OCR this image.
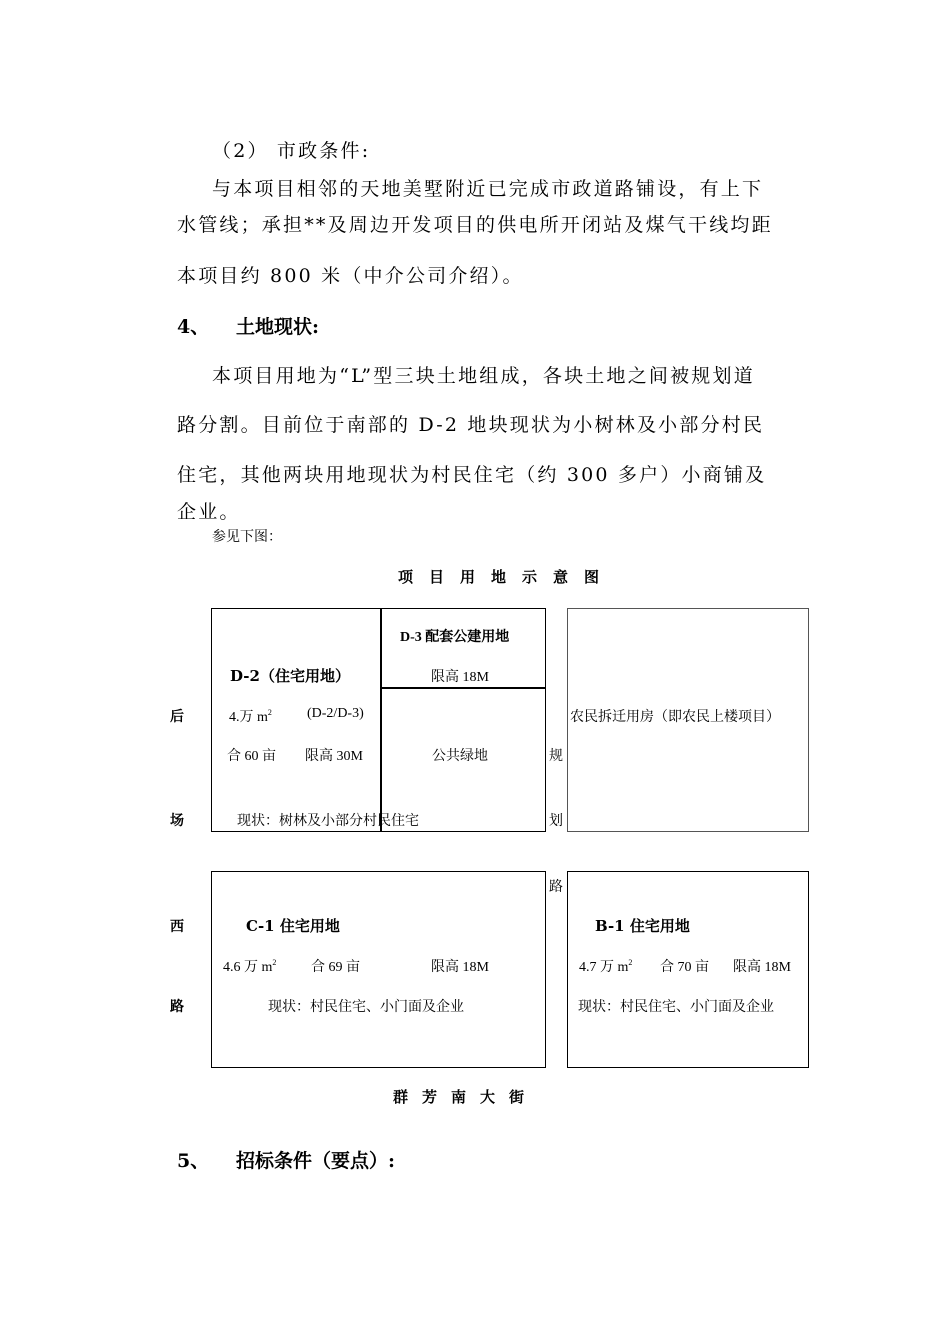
（2） 市政条件:
与本项目相邻的天地美墅附近已完成市政道路铺设，有上下
水管线；承担**及周边开发项目的供电所开闭站及煤气干线均距
本项目约 800 米（中介公司介绍）。
4、 土地现状:
本项目用地为“L”型三块土地组成，各块土地之间被规划道
路分割。目前位于南部的 D-2 地块现状为小树林及小部分村民
住宅，其他两块用地现状为村民住宅（约 300 多户）小商铺及
企业。
参见下图：
项目用地示意图
后
场
西
路
规
划
路
D-2（住宅用地）
4.万 $m^2$	(D-2/D-3)
合 60 亩 限高 30M
现状：树林及小部分村民住宅
D-3 配套公建用地
限高 18M
公共绿地
农民拆迁用房（即农民上楼项目）
C-1 住宅用地
4.6 万 $m^2$ 合 69 亩	限高 18M
现状：村民住宅、小门面及企业
B-1 住宅用地
4.7 万 $m^2$ 合 70 亩 限高 18M
现状：村民住宅、小门面及企业
群芳南大街
5、 招标条件（要点）:
